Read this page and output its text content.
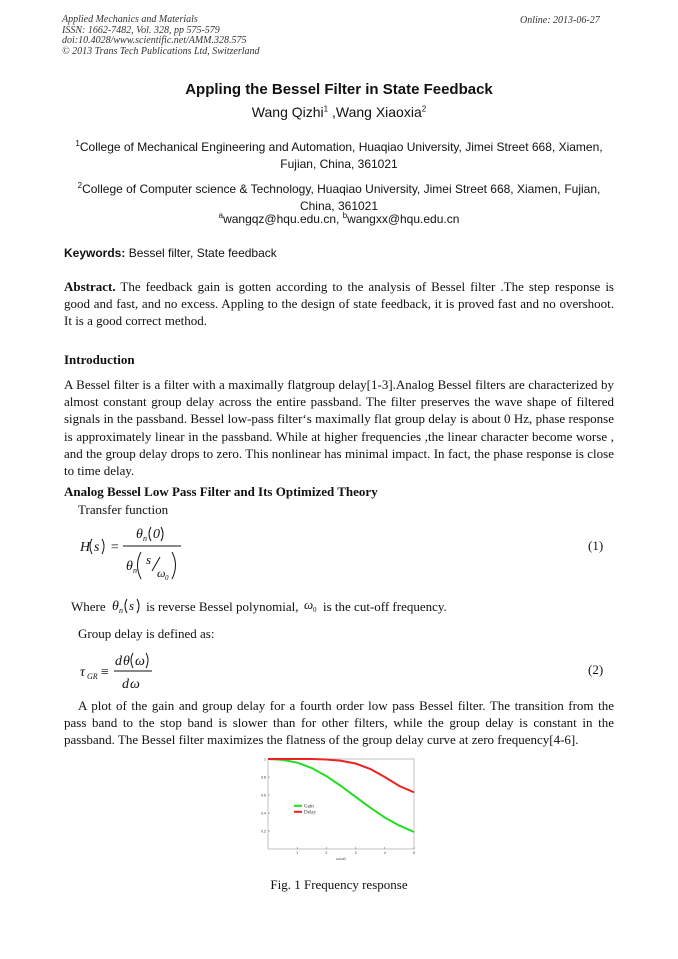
Applied Mechanics and Materials
ISSN: 1662-7482, Vol. 328, pp 575-579
doi:10.4028/www.scientific.net/AMM.328.575
© 2013 Trans Tech Publications Ltd, Switzerland
Online: 2013-06-27
Appling the Bessel Filter in State Feedback
Wang Qizhi$^1$ ,Wang Xiaoxia$^2$
$^1$College of Mechanical Engineering and Automation, Huaqiao University, Jimei Street 668, Xiamen, Fujian, China, 361021
$^2$College of Computer science & Technology, Huaqiao University, Jimei Street 668, Xiamen, Fujian, China, 361021
$^a$wangqz@hqu.edu.cn, $^b$wangxx@hqu.edu.cn
Keywords: Bessel filter, State feedback
Abstract. The feedback gain is gotten according to the analysis of Bessel filter .The step response is good and fast, and no excess. Appling to the design of state feedback, it is proved fast and no overshoot. It is a good correct method.
Introduction
A Bessel filter is a filter with a maximally flatgroup delay[1-3].Analog Bessel filters are characterized by almost constant group delay across the entire passband. The filter preserves the wave shape of filtered signals in the passband. Bessel low-pass filter‘s maximally flat group delay is about 0 Hz, phase response is approximately linear in the passband. While at higher frequencies ,the linear character become worse , and the group delay drops to zero. This nonlinear has minimal impact. In fact, the phase response is close to time delay.
Analog Bessel Low Pass Filter and Its Optimized Theory
Transfer function
H s =
θ n 0
θ n
s
ω 0
(1)
Where θ n s is reverse Bessel polynomial, ω 0 is the cut-off frequency.
Group delay is defined as:
τ GR ≡
d θ ω
d ω
(2)
A plot of the gain and group delay for a fourth order low pass Bessel filter. The transition from the pass band to the stop band is slower than for other filters, while the group delay is constant in the passband. The Bessel filter maximizes the flatness of the group delay curve at zero frequency[4-6].
0.2
0.4
0.6
0.8
1
1	2	3	4	5
ω/ω0
Gain
Delay
Fig. 1 Frequency response
